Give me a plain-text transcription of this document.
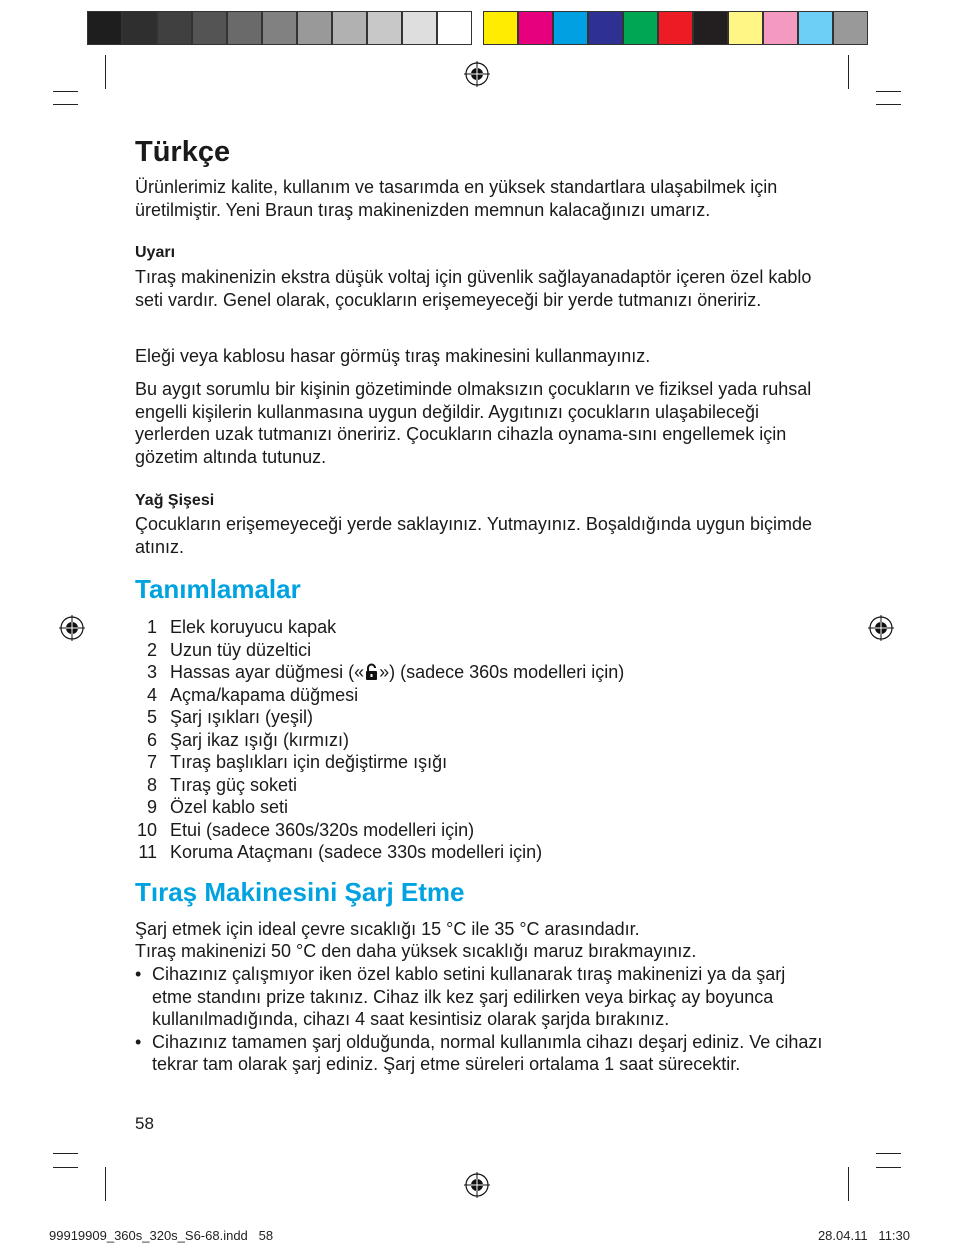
Türkçe

Ürünlerimiz kalite, kullanım ve tasarımda en yüksek standartlara ulaşabilmek için üretilmiştir. Yeni Braun tıraş makinenizden memnun kalacağınızı umarız.

Uyarı

Tıraş makinenizin ekstra düşük voltaj için güvenlik sağlayanadaptör içeren özel kablo seti vardır. Genel olarak, çocukların erişemeyeceği bir yerde tutmanızı öneririz.

Eleği veya kablosu hasar görmüş tıraş makinesini kullanmayınız.

Bu aygıt sorumlu bir kişinin gözetiminde olmaksızın çocukların ve fiziksel yada ruhsal engelli kişilerin kullanmasına uygun değildir. Aygıtınızı çocukların ulaşabileceği yerlerden uzak tutmanızı öneririz. Çocukların cihazla oynama-sını engellemek için gözetim altında tutunuz.

Yağ Şişesi

Çocukların erişemeyeceği yerde saklayınız. Yutmayınız. Boşaldığında uygun biçimde atınız.

Tanımlamalar
1 Elek koruyucu kapak
2 Uzun tüy düzeltici
3 Hassas ayar düğmesi (« ») (sadece 360s modelleri için)
4 Açma/kapama düğmesi
5 Şarj ışıkları (yeşil)
6 Şarj ikaz ışığı (kırmızı)
7 Tıraş başlıkları için değiştirme ışığı
8 Tıraş güç soketi
9 Özel kablo seti
10 Etui (sadece 360s/320s modelleri için)
11 Koruma Ataçmanı (sadece 330s modelleri için)
Tıraş Makinesini Şarj Etme

Şarj etmek için ideal çevre sıcaklığı 15 °C ile 35 °C arasındadır.

Tıraş makinenizi 50 °C den daha yüksek sıcaklığı maruz bırakmayınız.

• Cihazınız çalışmıyor iken özel kablo setini kullanarak tıraş makinenizi ya da şarj etme standını prize takınız. Cihaz ilk kez şarj edilirken veya birkaç ay boyunca kullanılmadığında, cihazı 4 saat kesintisiz olarak şarjda bırakınız.
• Cihazınız tamamen şarj olduğunda, normal kullanımla cihazı deşarj ediniz. Ve cihazı tekrar tam olarak şarj ediniz. Şarj etme süreleri ortalama 1 saat sürecektir.
58
99919909_360s_320s_S6-68.indd   58	28.04.11   11:30
